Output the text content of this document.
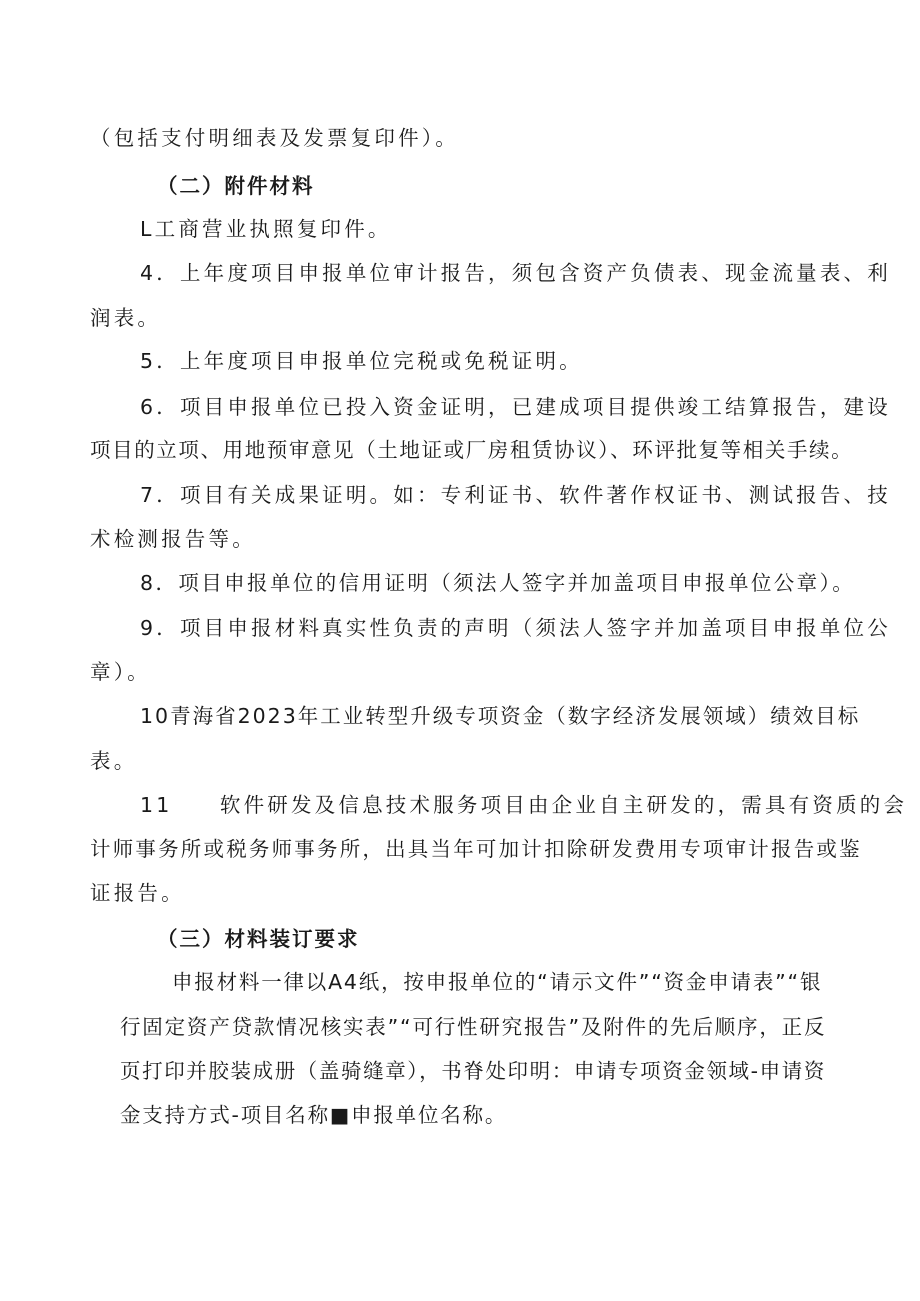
（包括支付明细表及发票复印件）。
（二）附件材料
L工商营业执照复印件。
4．上年度项目申报单位审计报告，须包含资产负债表、现金流量表、利
润表。
5．上年度项目申报单位完税或免税证明。
6．项目申报单位已投入资金证明，已建成项目提供竣工结算报告，建设
项目的立项、用地预审意见（土地证或厂房租赁协议）、环评批复等相关手续。
7．项目有关成果证明。如：专利证书、软件著作权证书、测试报告、技
术检测报告等。
8．项目申报单位的信用证明（须法人签字并加盖项目申报单位公章）。
9．项目申报材料真实性负责的声明（须法人签字并加盖项目申报单位公
章）。
10青海省2023年工业转型升级专项资金（数字经济发展领域）绩效目标
表。
11　　软件研发及信息技术服务项目由企业自主研发的，需具有资质的会
计师事务所或税务师事务所，出具当年可加计扣除研发费用专项审计报告或鉴
证报告。
（三）材料装订要求
申报材料一律以A4纸，按申报单位的“请示文件”“资金申请表”“银
行固定资产贷款情况核实表”“可行性研究报告”及附件的先后顺序，正反
页打印并胶装成册（盖骑缝章），书脊处印明：申请专项资金领域-申请资
金支持方式-项目名称■申报单位名称。
